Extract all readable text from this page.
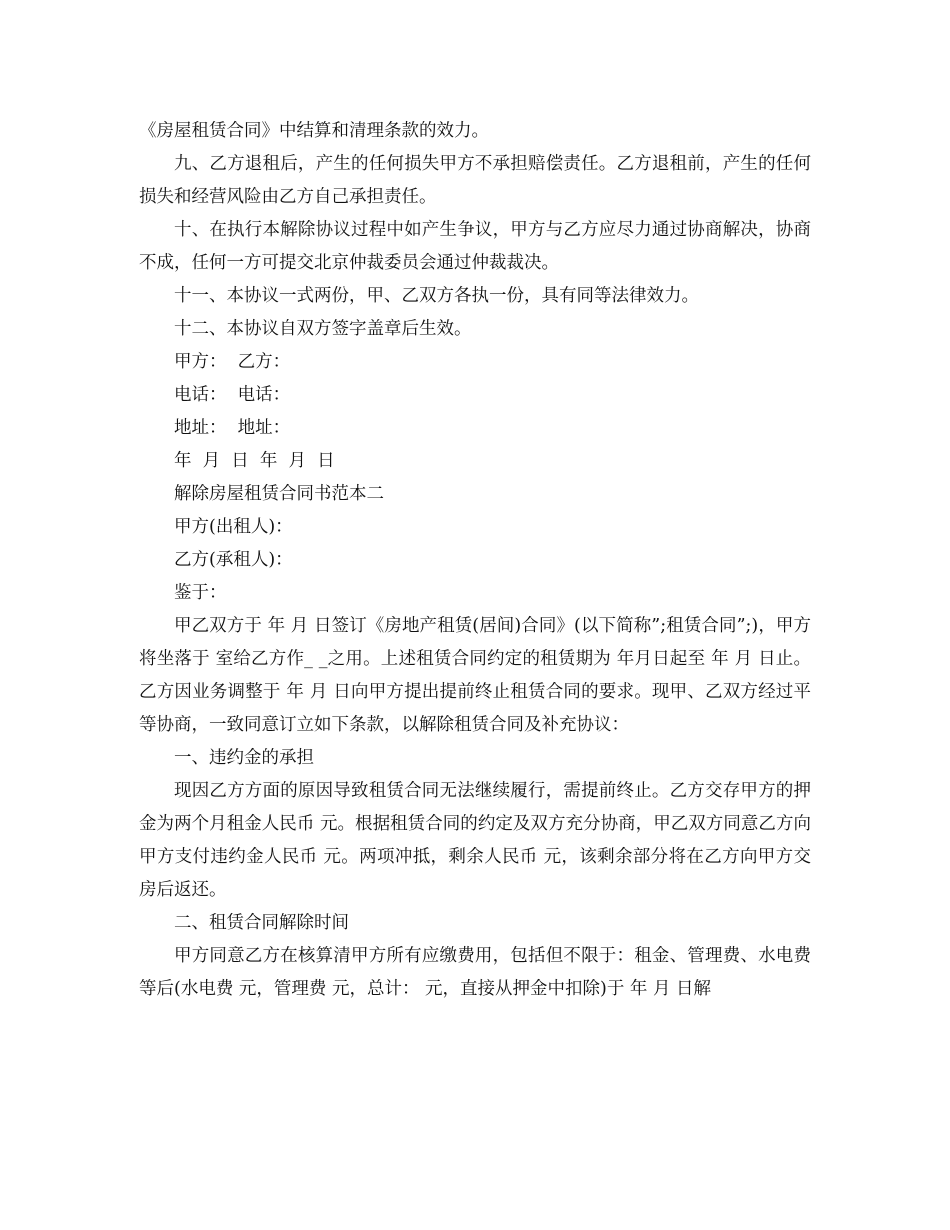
《房屋租赁合同》中结算和清理条款的效力。

九、乙方退租后，产生的任何损失甲方不承担赔偿责任。乙方退租前，产生的任何损失和经营风险由乙方自己承担责任。

十、在执行本解除协议过程中如产生争议，甲方与乙方应尽力通过协商解决，协商不成，任何一方可提交北京仲裁委员会通过仲裁裁决。

十一、本协议一式两份，甲、乙双方各执一份，具有同等法律效力。

十二、本协议自双方签字盖章后生效。

甲方：  乙方：

电话：  电话：

地址：  地址：

年  月  日  年  月  日

解除房屋租赁合同书范本二

甲方(出租人)：

乙方(承租人)：

鉴于：

甲乙双方于 年 月 日签订《房地产租赁(居间)合同》(以下简称”;租赁合同”;)，甲方将坐落于 室给乙方作_ _之用。上述租赁合同约定的租赁期为 年月日起至 年 月 日止。乙方因业务调整于 年 月 日向甲方提出提前终止租赁合同的要求。现甲、乙双方经过平等协商，一致同意订立如下条款，以解除租赁合同及补充协议：

一、违约金的承担

现因乙方方面的原因导致租赁合同无法继续履行，需提前终止。乙方交存甲方的押金为两个月租金人民币 元。根据租赁合同的约定及双方充分协商，甲乙双方同意乙方向甲方支付违约金人民币 元。两项冲抵，剩余人民币 元，该剩余部分将在乙方向甲方交房后返还。

二、租赁合同解除时间

甲方同意乙方在核算清甲方所有应缴费用，包括但不限于：租金、管理费、水电费等后(水电费 元，管理费 元，总计： 元，直接从押金中扣除)于 年 月 日解
